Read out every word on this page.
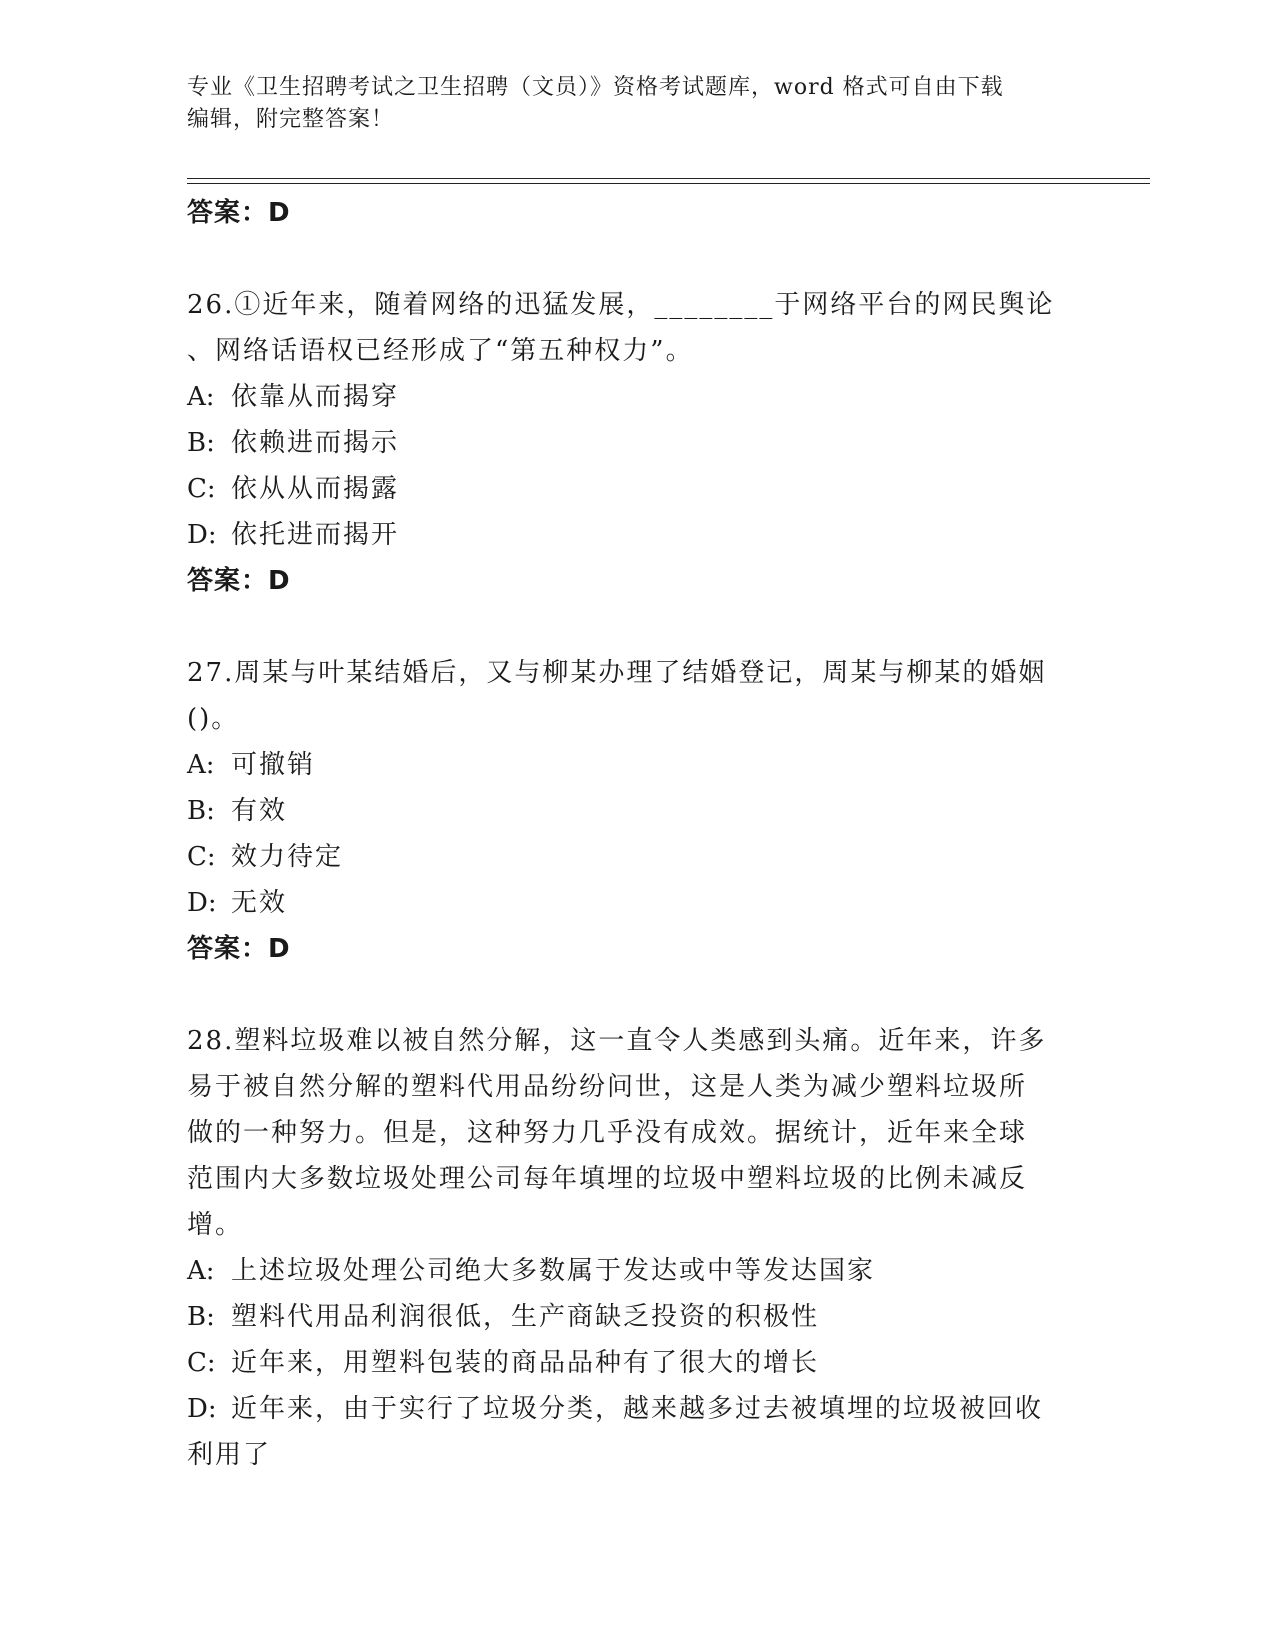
专业《卫生招聘考试之卫生招聘（文员）》资格考试题库，word 格式可自由下载
编辑，附完整答案！
答案：D
26.①近年来，随着网络的迅猛发展，________于网络平台的网民舆论
、网络话语权已经形成了“第五种权力”。
A: 依靠从而揭穿
B: 依赖进而揭示
C: 依从从而揭露
D: 依托进而揭开
答案：D
27.周某与叶某结婚后，又与柳某办理了结婚登记，周某与柳某的婚姻
()。
A: 可撤销
B: 有效
C: 效力待定
D: 无效
答案：D
28.塑料垃圾难以被自然分解，这一直令人类感到头痛。近年来，许多
易于被自然分解的塑料代用品纷纷问世，这是人类为减少塑料垃圾所
做的一种努力。但是，这种努力几乎没有成效。据统计，近年来全球
范围内大多数垃圾处理公司每年填埋的垃圾中塑料垃圾的比例未减反
增。
A: 上述垃圾处理公司绝大多数属于发达或中等发达国家
B: 塑料代用品利润很低，生产商缺乏投资的积极性
C: 近年来，用塑料包装的商品品种有了很大的增长
D: 近年来，由于实行了垃圾分类，越来越多过去被填埋的垃圾被回收
利用了
